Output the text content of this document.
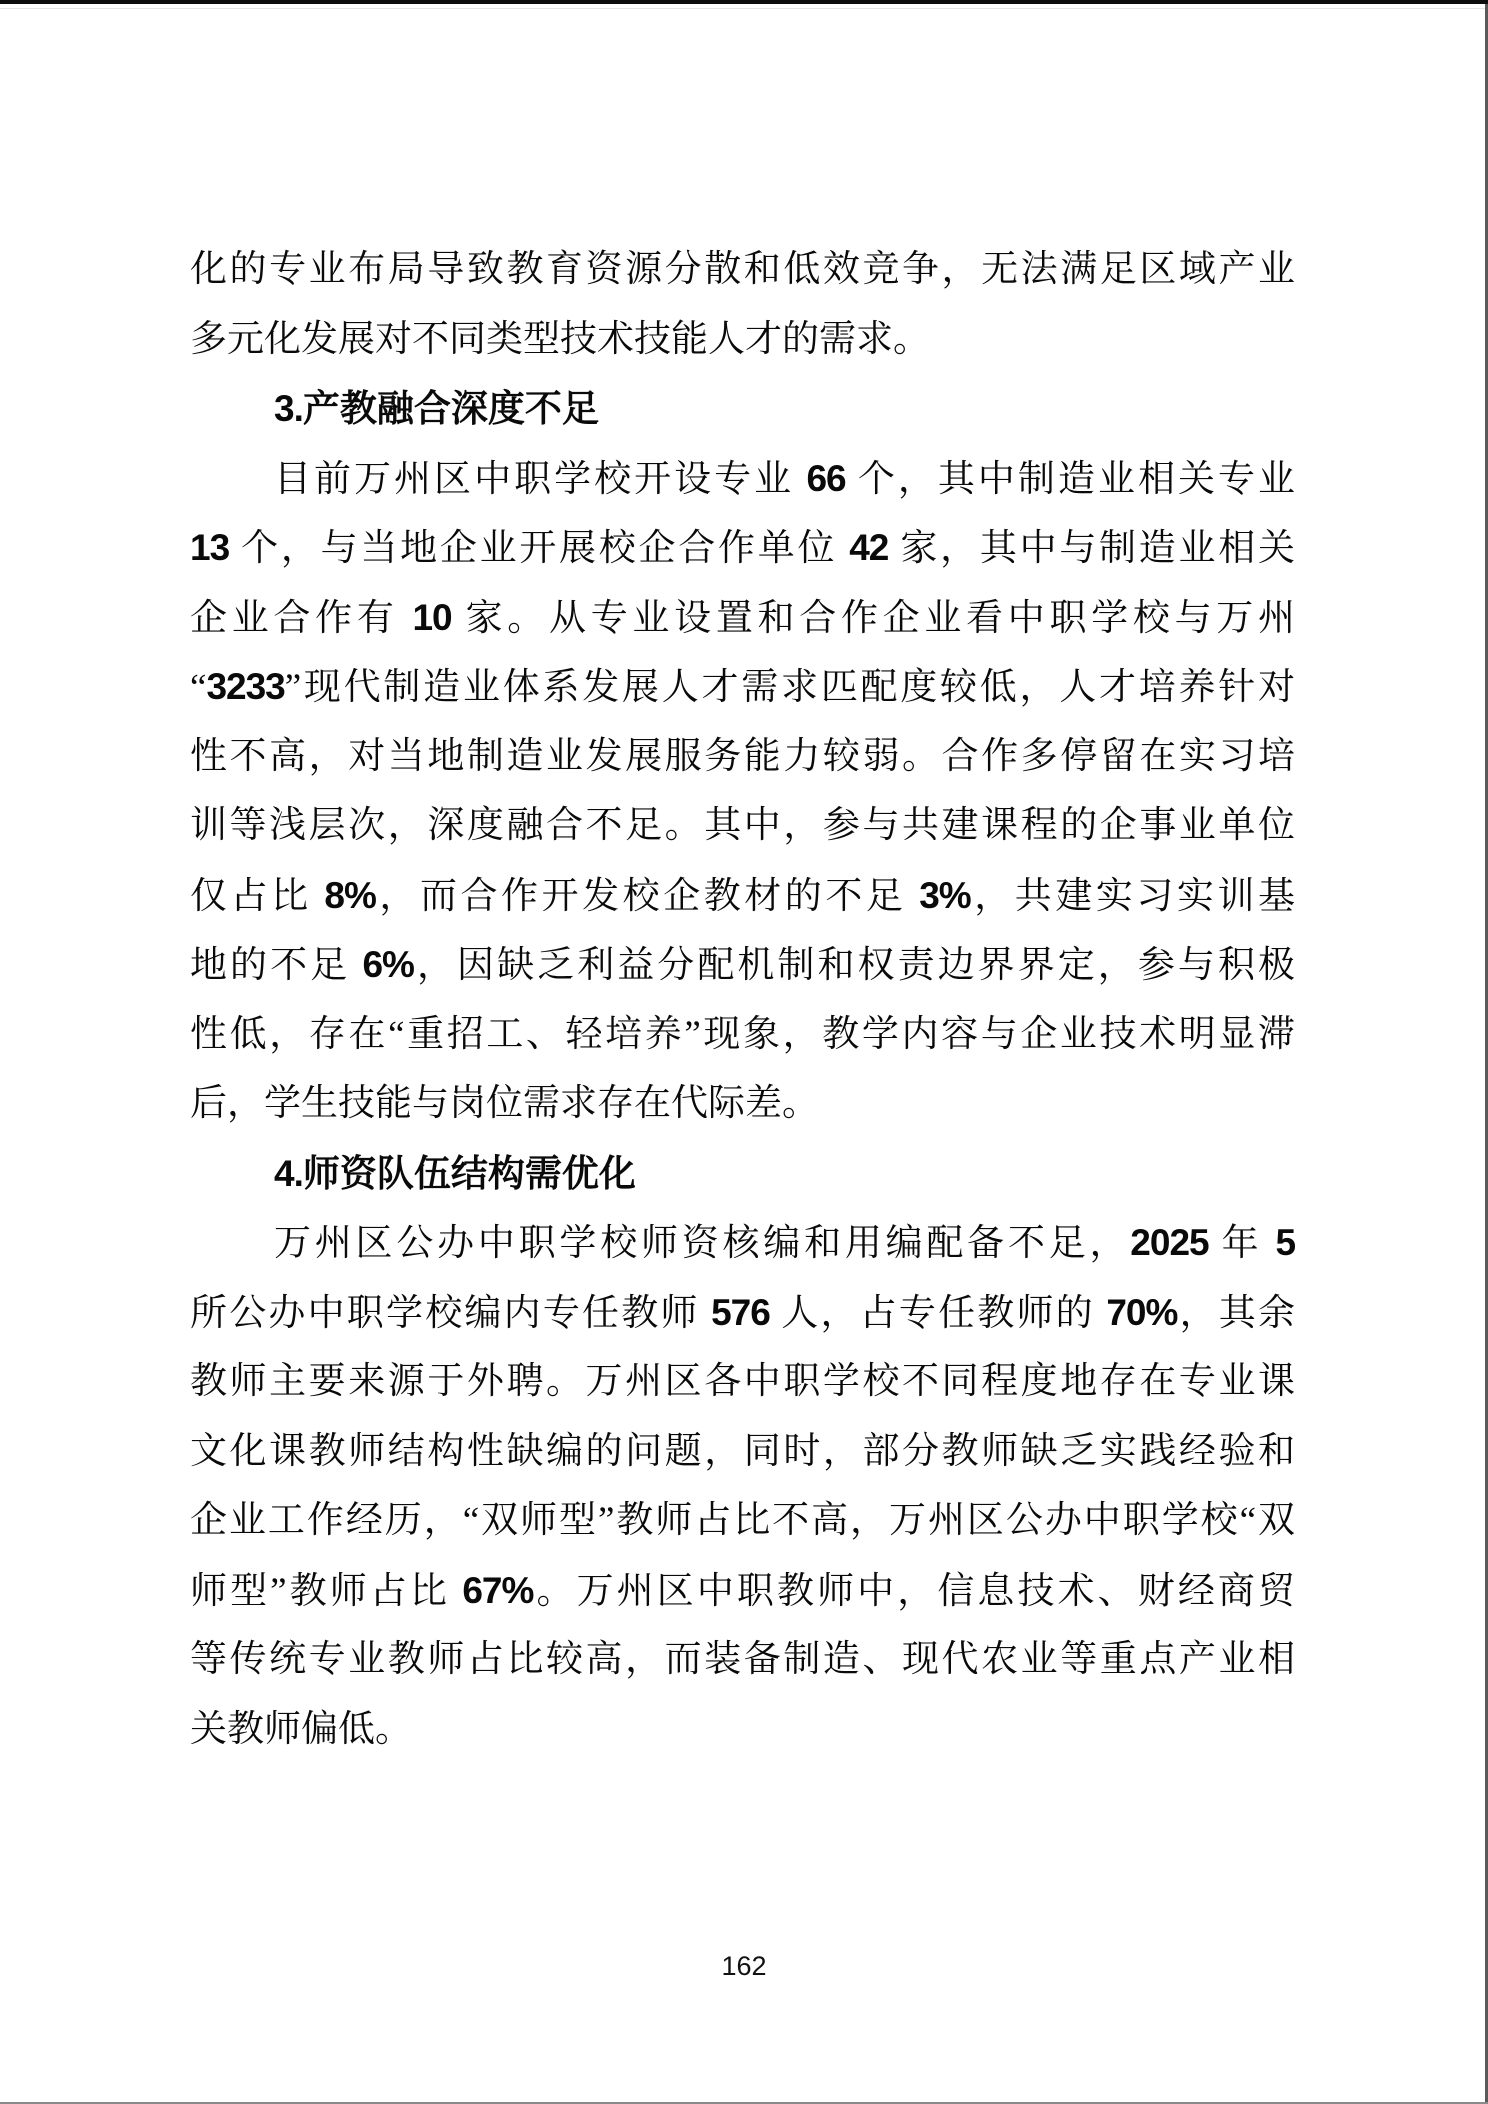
化的专业布局导致教育资源分散和低效竞争，无法满足区域产业
多元化发展对不同类型技术技能人才的需求。
3.产教融合深度不足
目前万州区中职学校开设专业 66 个，其中制造业相关专业
13 个，与当地企业开展校企合作单位 42 家，其中与制造业相关
企业合作有 10 家。从专业设置和合作企业看中职学校与万州
“3233”现代制造业体系发展人才需求匹配度较低，人才培养针对
性不高，对当地制造业发展服务能力较弱。合作多停留在实习培
训等浅层次，深度融合不足。其中，参与共建课程的企事业单位
仅占比 8%，而合作开发校企教材的不足 3%，共建实习实训基
地的不足 6%，因缺乏利益分配机制和权责边界界定，参与积极
性低，存在“重招工、轻培养”现象，教学内容与企业技术明显滞
后，学生技能与岗位需求存在代际差。
4.师资队伍结构需优化
万州区公办中职学校师资核编和用编配备不足，2025 年 5
所公办中职学校编内专任教师 576 人，占专任教师的 70%，其余
教师主要来源于外聘。万州区各中职学校不同程度地存在专业课
文化课教师结构性缺编的问题，同时，部分教师缺乏实践经验和
企业工作经历，“双师型”教师占比不高，万州区公办中职学校“双
师型”教师占比 67%。万州区中职教师中，信息技术、财经商贸
等传统专业教师占比较高，而装备制造、现代农业等重点产业相
关教师偏低。
162
